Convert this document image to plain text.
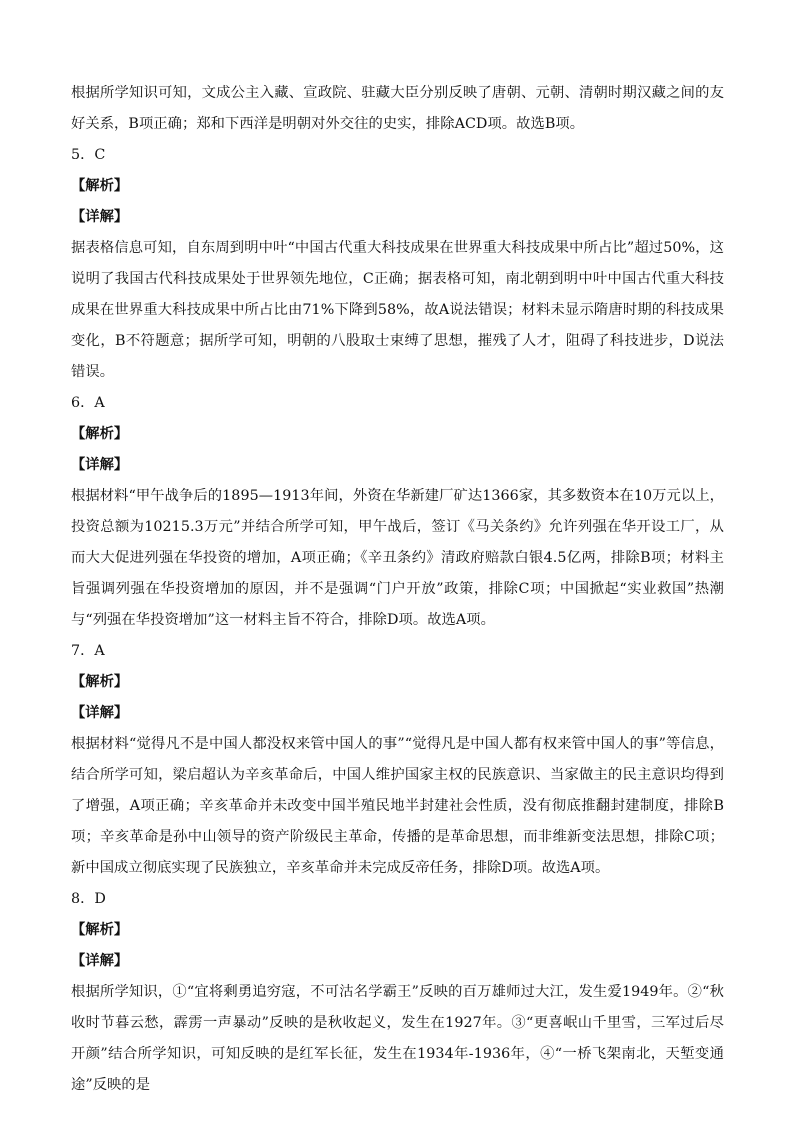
根据所学知识可知，文成公主入藏、宣政院、驻藏大臣分别反映了唐朝、元朝、清朝时期汉藏之间的友好关系，B项正确；郑和下西洋是明朝对外交往的史实，排除ACD项。故选B项。

5．C

【解析】

【详解】

据表格信息可知，自东周到明中叶“中国古代重大科技成果在世界重大科技成果中所占比”超过50%，这说明了我国古代科技成果处于世界领先地位，C正确；据表格可知，南北朝到明中叶中国古代重大科技成果在世界重大科技成果中所占比由71%下降到58%，故A说法错误；材料未显示隋唐时期的科技成果变化，B不符题意；据所学可知，明朝的八股取士束缚了思想，摧残了人才，阻碍了科技进步，D说法错误。

6．A

【解析】

【详解】

根据材料“甲午战争后的1895—1913年间，外资在华新建厂矿达1366家，其多数资本在10万元以上，投资总额为10215.3万元”并结合所学可知，甲午战后，签订《马关条约》允许列强在华开设工厂，从而大大促进列强在华投资的增加，A项正确；《辛丑条约》清政府赔款白银4.5亿两，排除B项；材料主旨强调列强在华投资增加的原因，并不是强调“门户开放”政策，排除C项；中国掀起“实业救国”热潮与“列强在华投资增加”这一材料主旨不符合，排除D项。故选A项。

7．A

【解析】

【详解】

根据材料“觉得凡不是中国人都没权来管中国人的事”“觉得凡是中国人都有权来管中国人的事”等信息，结合所学可知，梁启超认为辛亥革命后，中国人维护国家主权的民族意识、当家做主的民主意识均得到了增强，A项正确；辛亥革命并未改变中国半殖民地半封建社会性质，没有彻底推翻封建制度，排除B项；辛亥革命是孙中山领导的资产阶级民主革命，传播的是革命思想，而非维新变法思想，排除C项；新中国成立彻底实现了民族独立，辛亥革命并未完成反帝任务，排除D项。故选A项。

8．D

【解析】

【详解】

根据所学知识，①“宜将剩勇追穷寇，不可沽名学霸王”反映的百万雄师过大江，发生爱1949年。②“秋收时节暮云愁，霹雳一声暴动”反映的是秋收起义，发生在1927年。③“更喜岷山千里雪，三军过后尽开颜”结合所学知识，可知反映的是红军长征，发生在1934年-1936年，④“一桥飞架南北，天堑变通途”反映的是
